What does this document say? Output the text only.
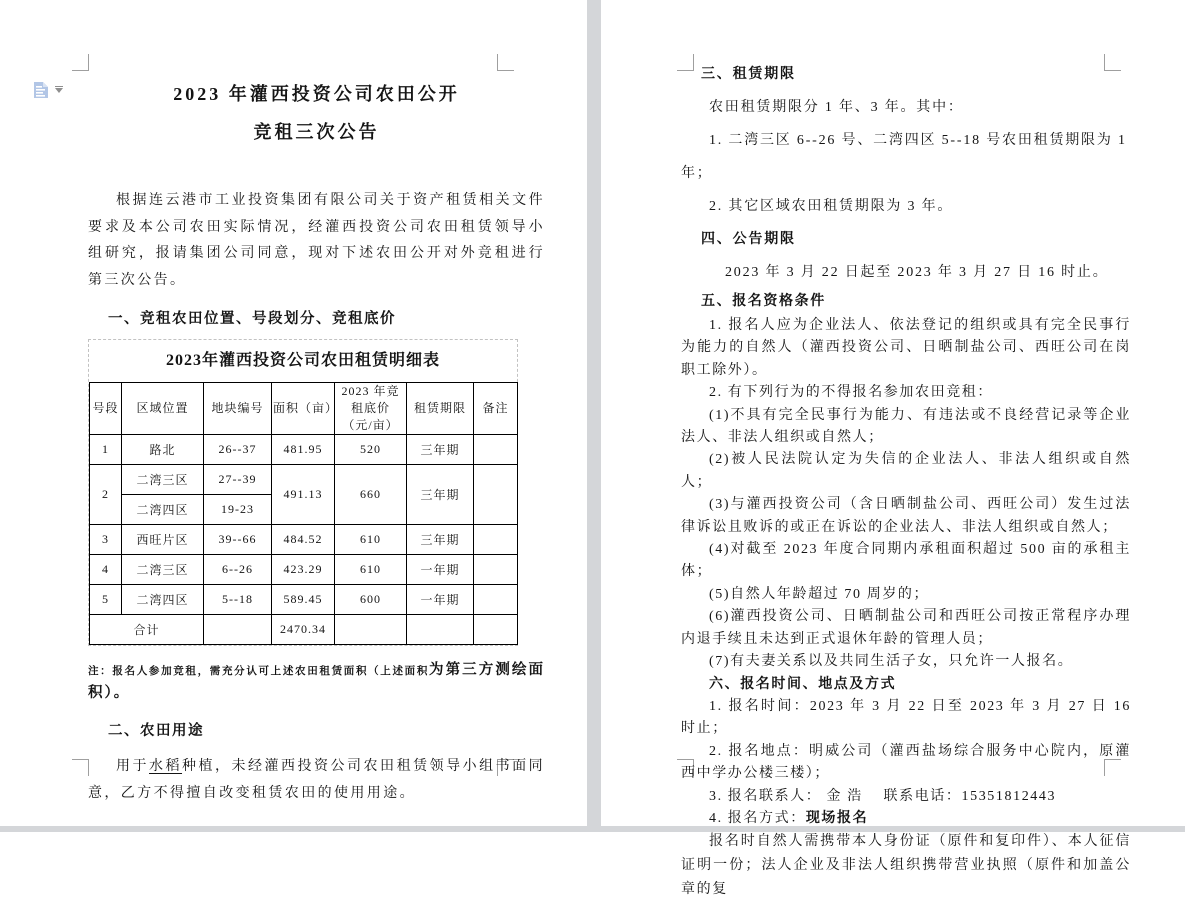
2023 年灌西投资公司农田公开
竞租三次公告

根据连云港市工业投资集团有限公司关于资产租赁相关文件要求及本公司农田实际情况，经灌西投资公司农田租赁领导小组研究，报请集团公司同意，现对下述农田公开对外竞租进行第三次公告。

一、竞租农田位置、号段划分、竞租底价
2023年灌西投资公司农田租赁明细表
号段	区域位置	地块编号	面积（亩）	2023 年竞租底价（元/亩）	租赁期限	备注
1	路北	26--37	481.95	520	三年期	
2	二湾三区	27--39	491.13	660	三年期	
	二湾四区	19-23				
3	西旺片区	39--66	484.52	610	三年期	
4	二湾三区	6--26	423.29	610	一年期	
5	二湾四区	5--18	589.45	600	一年期	
合计			2470.34			

注：报名人参加竞租，需充分认可上述农田租赁面积（上述面积为第三方测绘面积）。

二、农田用途

用于水稻种植，未经灌西投资公司农田租赁领导小组书面同意，乙方不得擅自改变租赁农田的使用用途。

三、租赁期限

农田租赁期限分 1 年、3 年。其中：

1. 二湾三区 6--26 号、二湾四区 5--18 号农田租赁期限为 1 年；

2. 其它区域农田租赁期限为 3 年。

四、公告期限

2023 年 3 月 22 日起至 2023 年 3 月 27 日 16 时止。

五、报名资格条件

1. 报名人应为企业法人、依法登记的组织或具有完全民事行为能力的自然人（灌西投资公司、日晒制盐公司、西旺公司在岗职工除外）。

2. 有下列行为的不得报名参加农田竞租：

(1)不具有完全民事行为能力、有违法或不良经营记录等企业法人、非法人组织或自然人；

(2)被人民法院认定为失信的企业法人、非法人组织或自然人；

(3)与灌西投资公司（含日晒制盐公司、西旺公司）发生过法律诉讼且败诉的或正在诉讼的企业法人、非法人组织或自然人；

(4)对截至 2023 年度合同期内承租面积超过 500 亩的承租主体；

(5)自然人年龄超过 70 周岁的；

(6)灌西投资公司、日晒制盐公司和西旺公司按正常程序办理内退手续且未达到正式退休年龄的管理人员；

(7)有夫妻关系以及共同生活子女，只允许一人报名。

六、报名时间、地点及方式

1. 报名时间：2023 年 3 月 22 日至 2023 年 3 月 27 日 16 时止；

2. 报名地点：明威公司（灌西盐场综合服务中心院内，原灌西中学办公楼三楼）；

3. 报名联系人： 金 浩　 联系电话：15351812443

4. 报名方式：现场报名

报名时自然人需携带本人身份证（原件和复印件）、本人征信证明一份；法人企业及非法人组织携带营业执照（原件和加盖公章的复
